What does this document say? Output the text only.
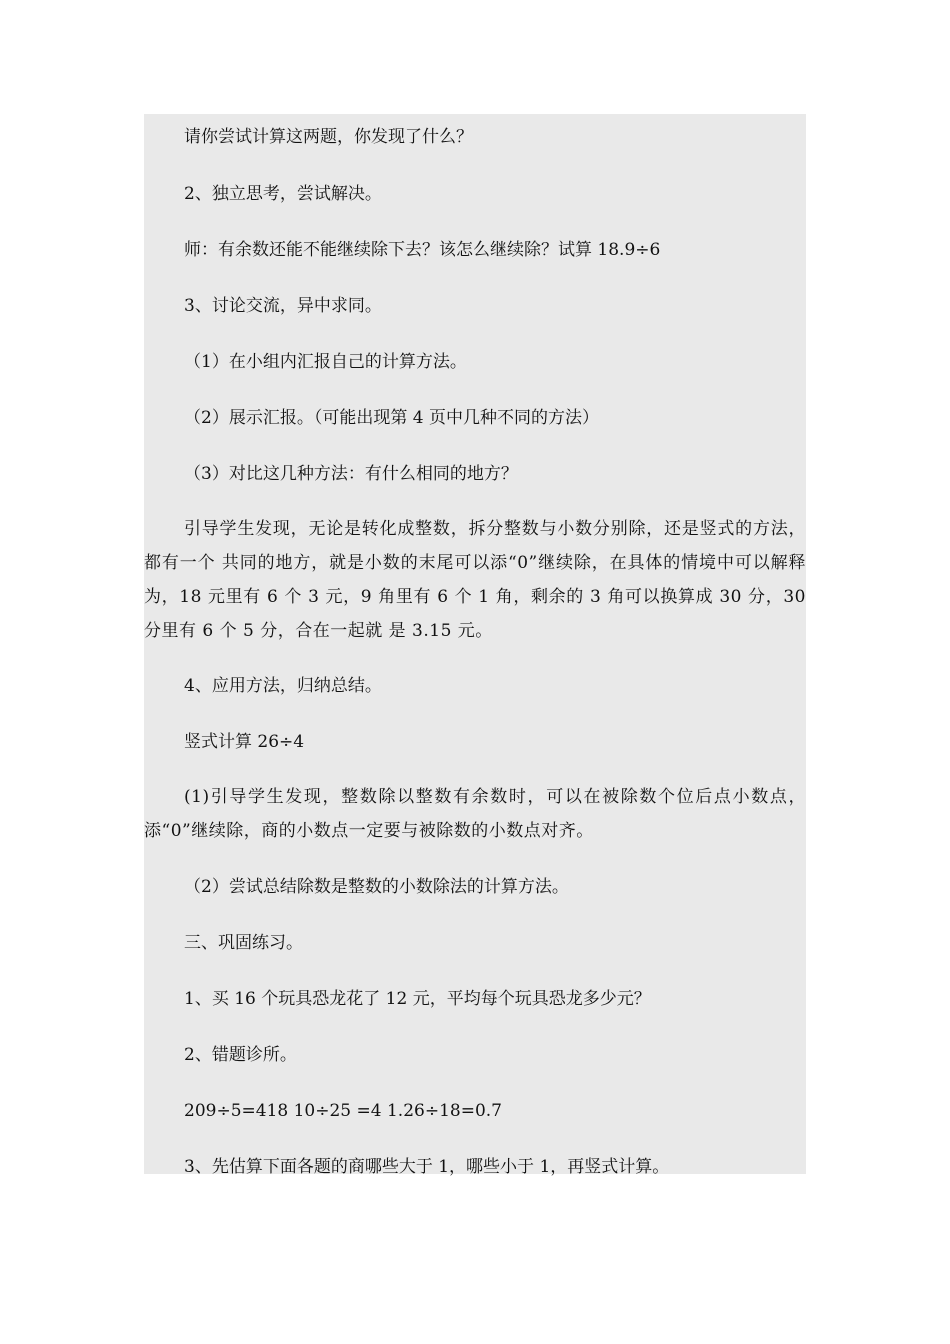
请你尝试计算这两题，你发现了什么？
2、独立思考，尝试解决。
师：有余数还能不能继续除下去？该怎么继续除？试算 18.9÷6
3、讨论交流，异中求同。
（1）在小组内汇报自己的计算方法。
（2）展示汇报。（可能出现第 4 页中几种不同的方法）
（3）对比这几种方法：有什么相同的地方？
引导学生发现，无论是转化成整数，拆分整数与小数分别除，还是竖式的方法，都有一个 共同的地方，就是小数的末尾可以添“0”继续除，在具体的情境中可以解释为，18 元里有 6 个 3 元，9 角里有 6 个 1 角，剩余的 3 角可以换算成 30 分，30 分里有 6 个 5 分，合在一起就 是 3.15 元。
4、应用方法，归纳总结。
竖式计算 26÷4
(1)引导学生发现，整数除以整数有余数时，可以在被除数个位后点小数点，添“0”继续除，商的小数点一定要与被除数的小数点对齐。
（2）尝试总结除数是整数的小数除法的计算方法。
三、巩固练习。
1、买 16 个玩具恐龙花了 12 元，平均每个玩具恐龙多少元？
2、错题诊所。
209÷5=418 10÷25 =4 1.26÷18=0.7
3、先估算下面各题的商哪些大于 1，哪些小于 1，再竖式计算。
